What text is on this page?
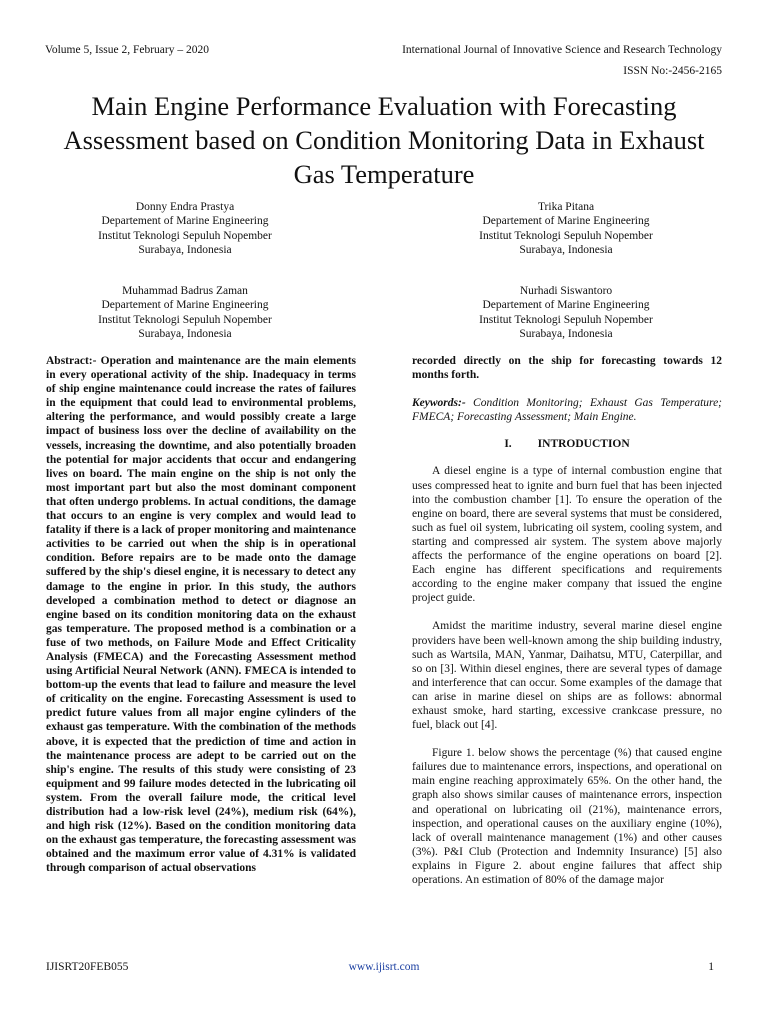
Volume 5, Issue 2, February – 2020	International Journal of Innovative Science and Research Technology
ISSN No:-2456-2165
Main Engine Performance Evaluation with Forecasting Assessment based on Condition Monitoring Data in Exhaust Gas Temperature
Donny Endra Prastya
Departement of Marine Engineering
Institut Teknologi Sepuluh Nopember
Surabaya, Indonesia
Trika Pitana
Departement of Marine Engineering
Institut Teknologi Sepuluh Nopember
Surabaya, Indonesia
Muhammad Badrus Zaman
Departement of Marine Engineering
Institut Teknologi Sepuluh Nopember
Surabaya, Indonesia
Nurhadi Siswantoro
Departement of Marine Engineering
Institut Teknologi Sepuluh Nopember
Surabaya, Indonesia

Abstract:- Operation and maintenance are the main elements in every operational activity of the ship. Inadequacy in terms of ship engine maintenance could increase the rates of failures in the equipment that could lead to environmental problems, altering the performance, and would possibly create a large impact of business loss over the decline of availability on the vessels, increasing the downtime, and also potentially broaden the potential for major accidents that occur and endangering lives on board. The main engine on the ship is not only the most important part but also the most dominant component that often undergo problems. In actual conditions, the damage that occurs to an engine is very complex and would lead to fatality if there is a lack of proper monitoring and maintenance activities to be carried out when the ship is in operational condition. Before repairs are to be made onto the damage suffered by the ship's diesel engine, it is necessary to detect any damage to the engine in prior. In this study, the authors developed a combination method to detect or diagnose an engine based on its condition monitoring data on the exhaust gas temperature. The proposed method is a combination or a fuse of two methods, on Failure Mode and Effect Criticality Analysis (FMECA) and the Forecasting Assessment method using Artificial Neural Network (ANN). FMECA is intended to bottom-up the events that lead to failure and measure the level of criticality on the engine. Forecasting Assessment is used to predict future values from all major engine cylinders of the exhaust gas temperature. With the combination of the methods above, it is expected that the prediction of time and action in the maintenance process are adept to be carried out on the ship's engine. The results of this study were consisting of 23 equipment and 99 failure modes detected in the lubricating oil system. From the overall failure mode, the critical level distribution had a low-risk level (24%), medium risk (64%), and high risk (12%). Based on the condition monitoring data on the exhaust gas temperature, the forecasting assessment was obtained and the maximum error value of 4.31% is validated through comparison of actual observations

recorded directly on the ship for forecasting towards 12 months forth.

Keywords:- Condition Monitoring; Exhaust Gas Temperature; FMECA; Forecasting Assessment; Main Engine.

I. INTRODUCTION

A diesel engine is a type of internal combustion engine that uses compressed heat to ignite and burn fuel that has been injected into the combustion chamber [1]. To ensure the operation of the engine on board, there are several systems that must be considered, such as fuel oil system, lubricating oil system, cooling system, and starting and compressed air system. The system above majorly affects the performance of the engine operations on board [2]. Each engine has different specifications and requirements according to the engine maker company that issued the engine project guide.

Amidst the maritime industry, several marine diesel engine providers have been well-known among the ship building industry, such as Wartsila, MAN, Yanmar, Daihatsu, MTU, Caterpillar, and so on [3]. Within diesel engines, there are several types of damage and interference that can occur. Some examples of the damage that can arise in marine diesel on ships are as follows: abnormal exhaust smoke, hard starting, excessive crankcase pressure, no fuel, black out [4].

Figure 1. below shows the percentage (%) that caused engine failures due to maintenance errors, inspections, and operational on main engine reaching approximately 65%. On the other hand, the graph also shows similar causes of maintenance errors, inspection and operational on lubricating oil (21%), maintenance errors, inspection, and operational causes on the auxiliary engine (10%), lack of overall maintenance management (1%) and other causes (3%). P&I Club (Protection and Indemnity Insurance) [5] also explains in Figure 2. about engine failures that affect ship operations. An estimation of 80% of the damage major

IJISRT20FEB055	www.ijisrt.com	1
